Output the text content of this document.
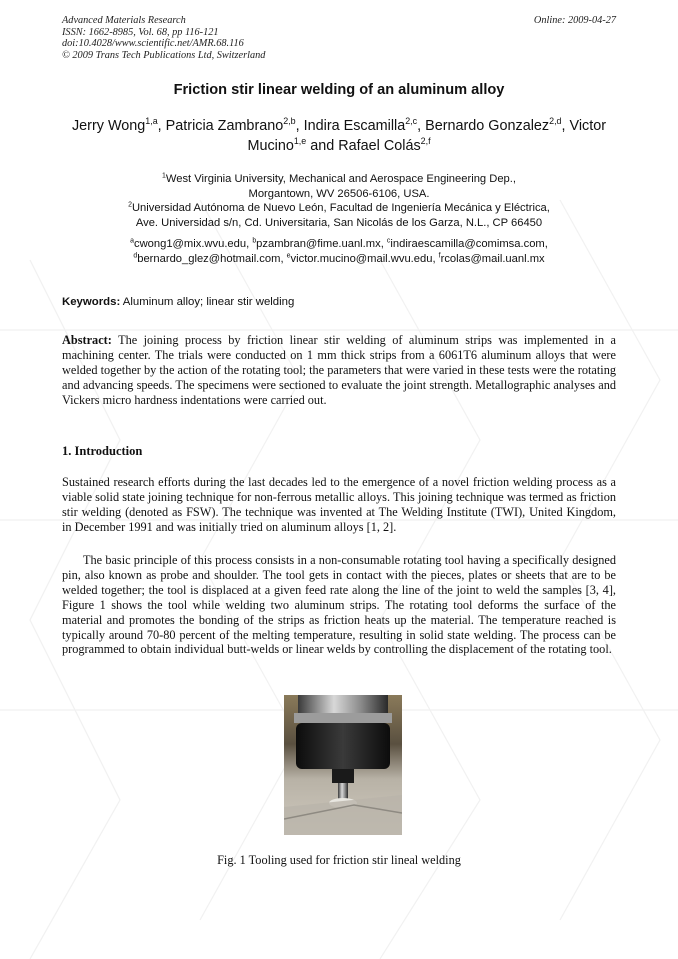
Advanced Materials Research
ISSN: 1662-8985, Vol. 68, pp 116-121
doi:10.4028/www.scientific.net/AMR.68.116
© 2009 Trans Tech Publications Ltd, Switzerland
Online: 2009-04-27
Friction stir linear welding of an aluminum alloy
Jerry Wong$^{1,a}$, Patricia Zambrano$^{2,b}$, Indira Escamilla$^{2,c}$, Bernardo Gonzalez$^{2,d}$, Victor Mucino$^{1,e}$ and Rafael Colás$^{2,f}$
$^1$West Virginia University, Mechanical and Aerospace Engineering Dep.,
Morgantown, WV 26506-6106, USA.
$^2$Universidad Autónoma de Nuevo León, Facultad de Ingeniería Mecánica y Eléctrica,
Ave. Universidad s/n, Cd. Universitaria, San Nicolás de los Garza, N.L., CP 66450
$^a$cwong1@mix.wvu.edu, $^b$pzambran@fime.uanl.mx, $^c$indiraescamilla@comimsa.com,
$^d$bernardo_glez@hotmail.com, $^e$victor.mucino@mail.wvu.edu, $^f$rcolas@mail.uanl.mx
Keywords: Aluminum alloy; linear stir welding
Abstract: The joining process by friction linear stir welding of aluminum strips was implemented in a machining center. The trials were conducted on 1 mm thick strips from a 6061T6 aluminum alloys that were welded together by the action of the rotating tool; the parameters that were varied in these tests were the rotating and advancing speeds. The specimens were sectioned to evaluate the joint strength. Metallographic analyses and Vickers micro hardness indentations were carried out.
1. Introduction
Sustained research efforts during the last decades led to the emergence of a novel friction welding process as a viable solid state joining technique for non-ferrous metallic alloys. This joining technique was termed as friction stir welding (denoted as FSW). The technique was invented at The Welding Institute (TWI), United Kingdom, in December 1991 and was initially tried on aluminum alloys [1, 2].
The basic principle of this process consists in a non-consumable rotating tool having a specifically designed pin, also known as probe and shoulder. The tool gets in contact with the pieces, plates or sheets that are to be welded together; the tool is displaced at a given feed rate along the line of the joint to weld the samples [3, 4], Figure 1 shows the tool while welding two aluminum strips. The rotating tool deforms the surface of the material and promotes the bonding of the strips as friction heats up the material. The temperature reached is typically around 70-80 percent of the melting temperature, resulting in solid state welding. The process can be programmed to obtain individual butt-welds or linear welds by controlling the displacement of the rotating tool.
Fig. 1 Tooling used for friction stir lineal welding
